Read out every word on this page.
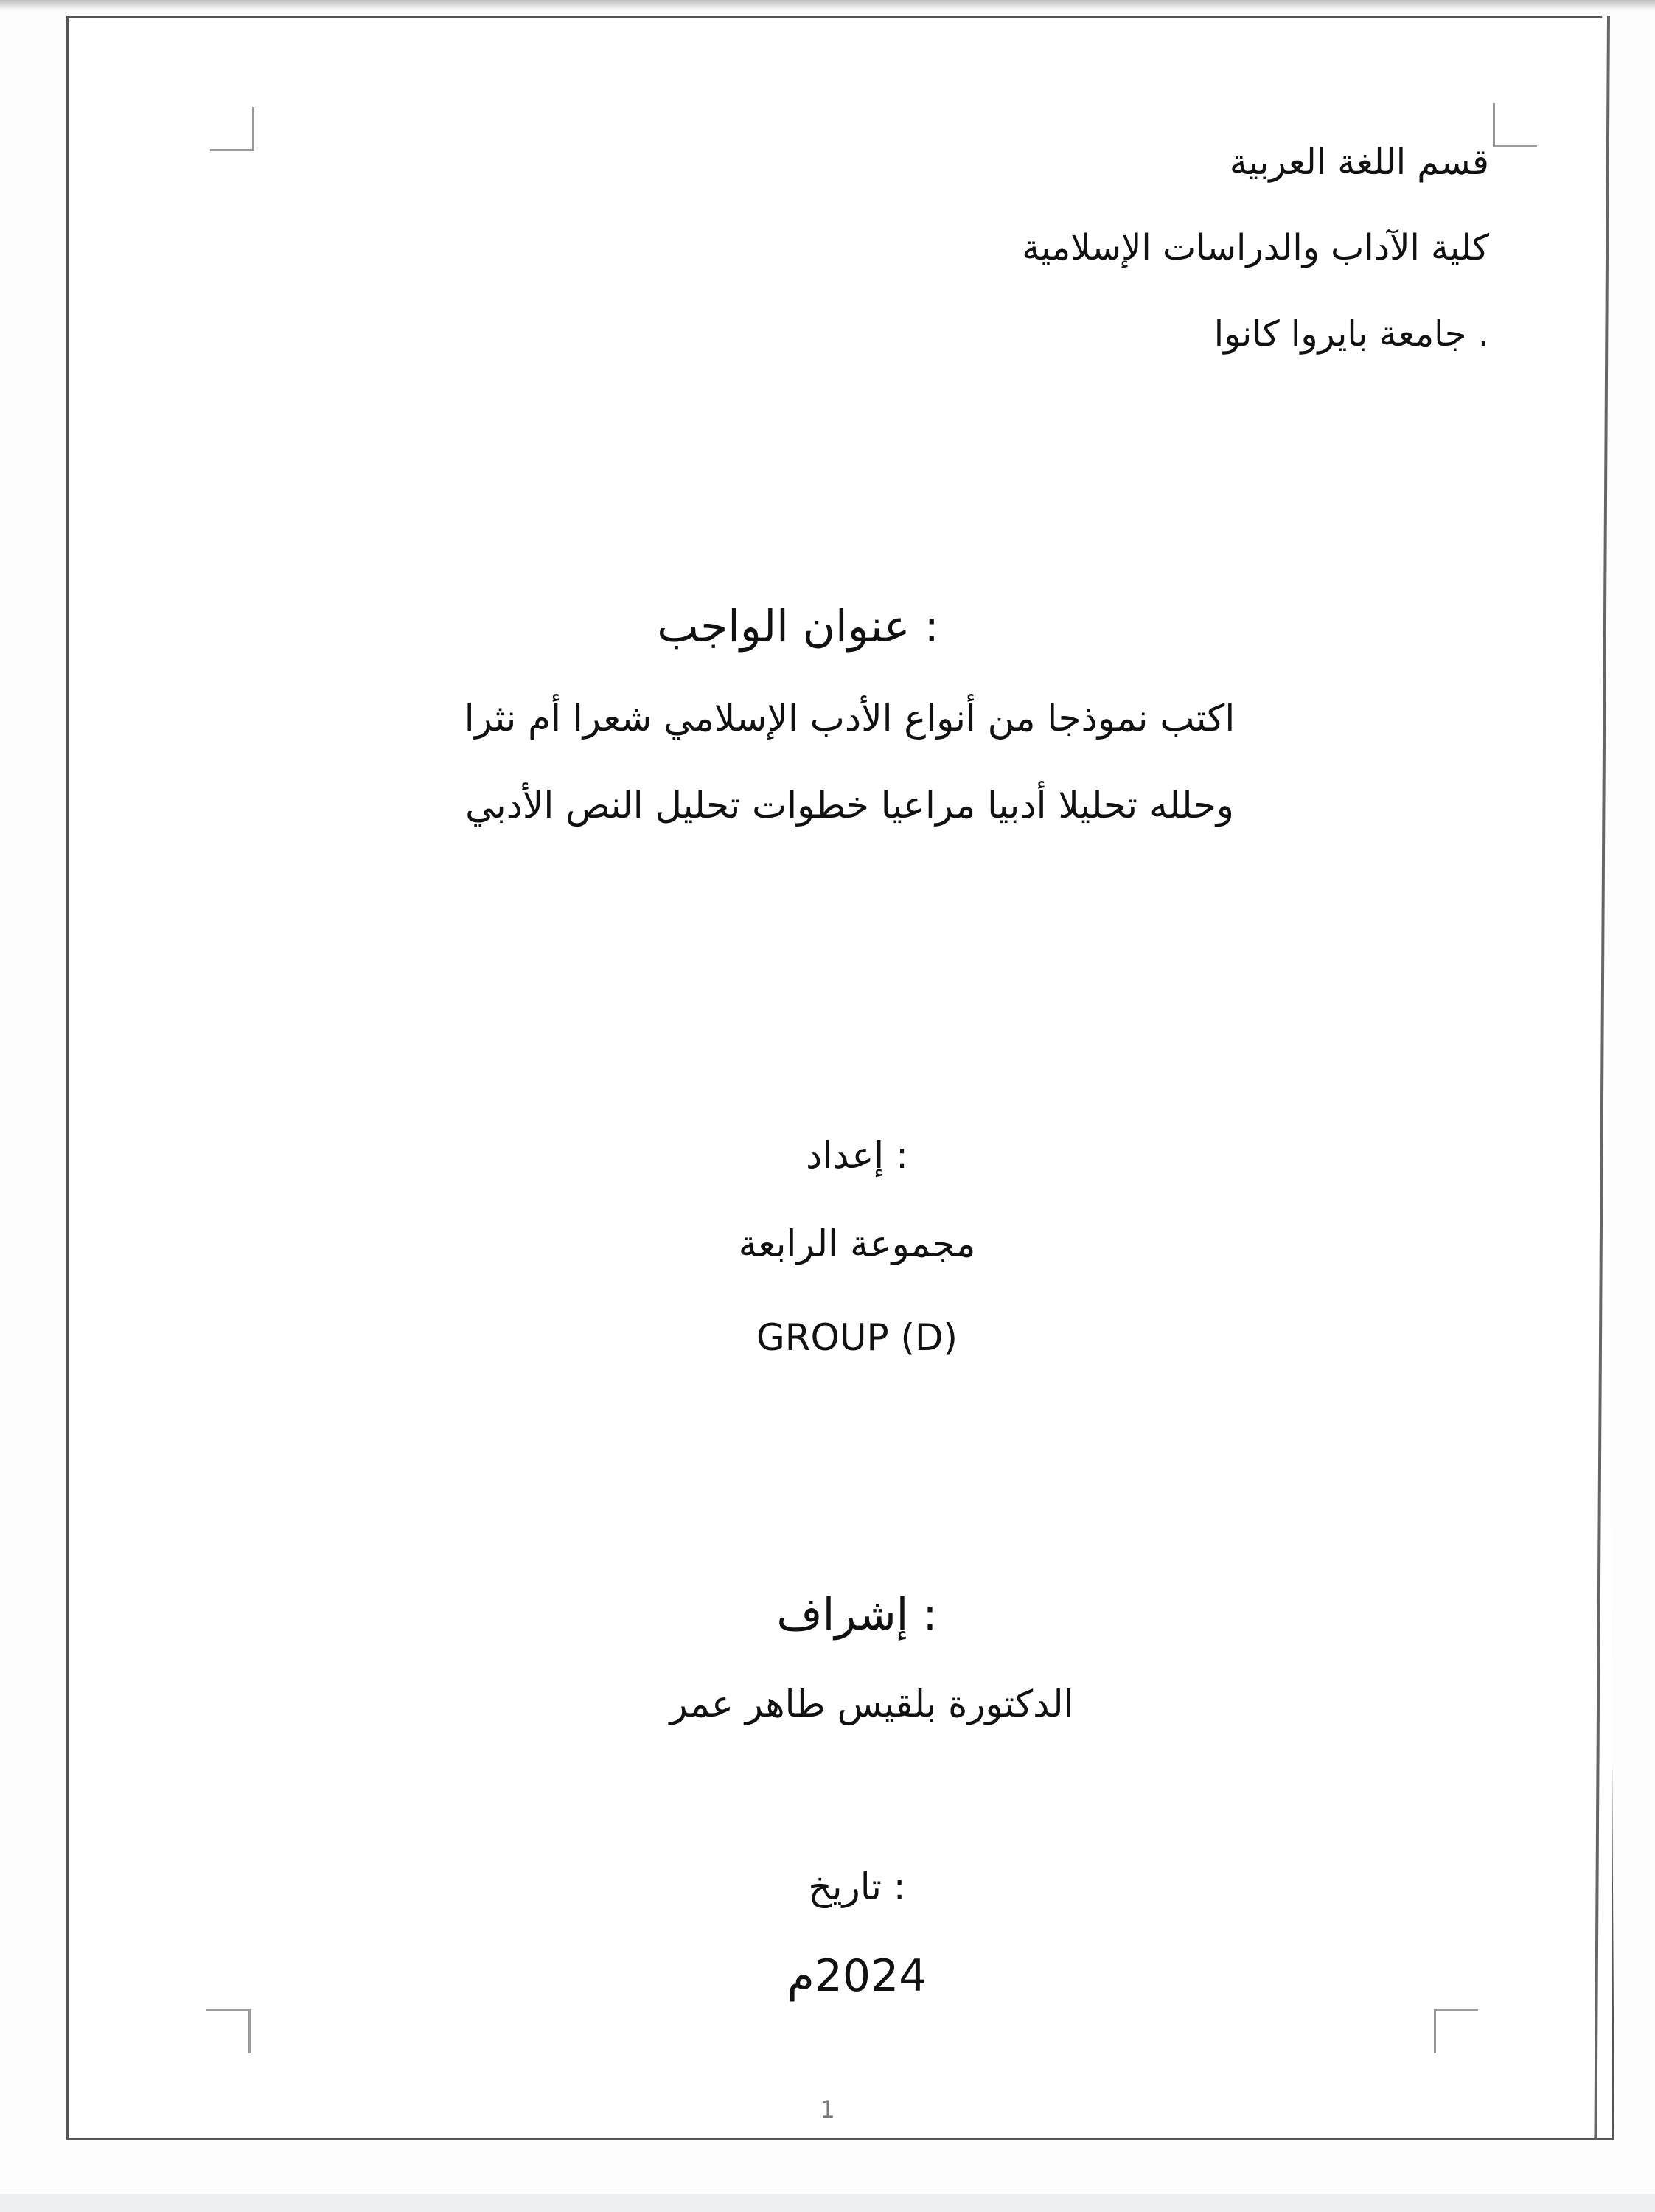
قسم اللغة العربية
كلية الآداب والدراسات الإسلامية
. جامعة بايروا كانوا
: عنوان الواجب
اكتب نموذجا من أنواع الأدب الإسلامي شعرا أم نثرا
وحلله تحليلا أدبيا مراعيا خطوات تحليل النص الأدبي
: إعداد
مجموعة الرابعة
GROUP (D)
: إشراف
الدكتورة بلقيس طاهر عمر
: تاريخ
2024م
1
